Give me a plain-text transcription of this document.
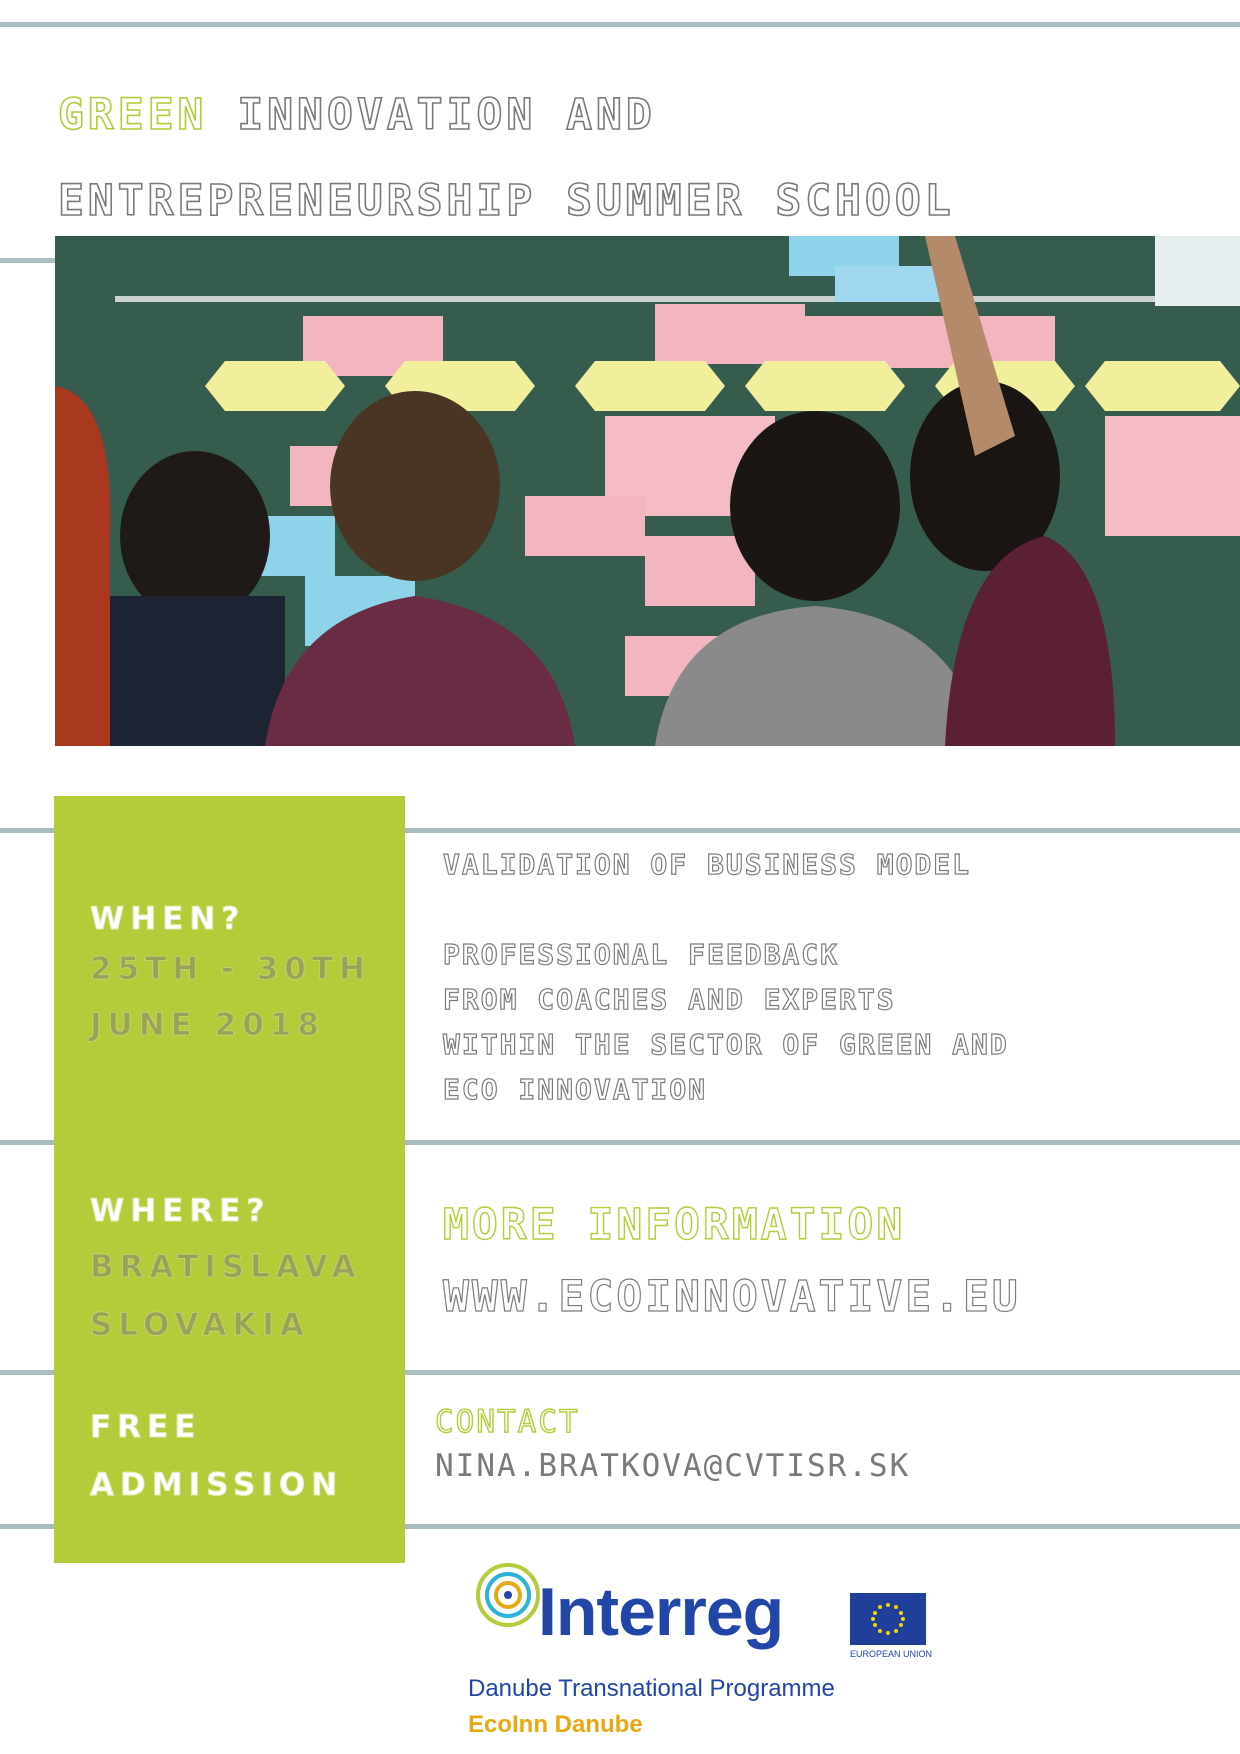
GREEN INNOVATION AND
ENTREPRENEURSHIP SUMMER SCHOOL

WHEN?

25TH - 30TH

JUNE 2018

WHERE?

BRATISLAVA

SLOVAKIA

FREE

ADMISSION

VALIDATION OF BUSINESS MODEL

PROFESSIONAL FEEDBACK

FROM COACHES AND EXPERTS

WITHIN THE SECTOR OF GREEN AND

ECO INNOVATION

MORE INFORMATION

WWW.ECOINNOVATIVE.EU

CONTACT

NINA.BRATKOVA@CVTISR.SK

Interreg

EUROPEAN UNION

Danube Transnational Programme

EcoInn Danube
